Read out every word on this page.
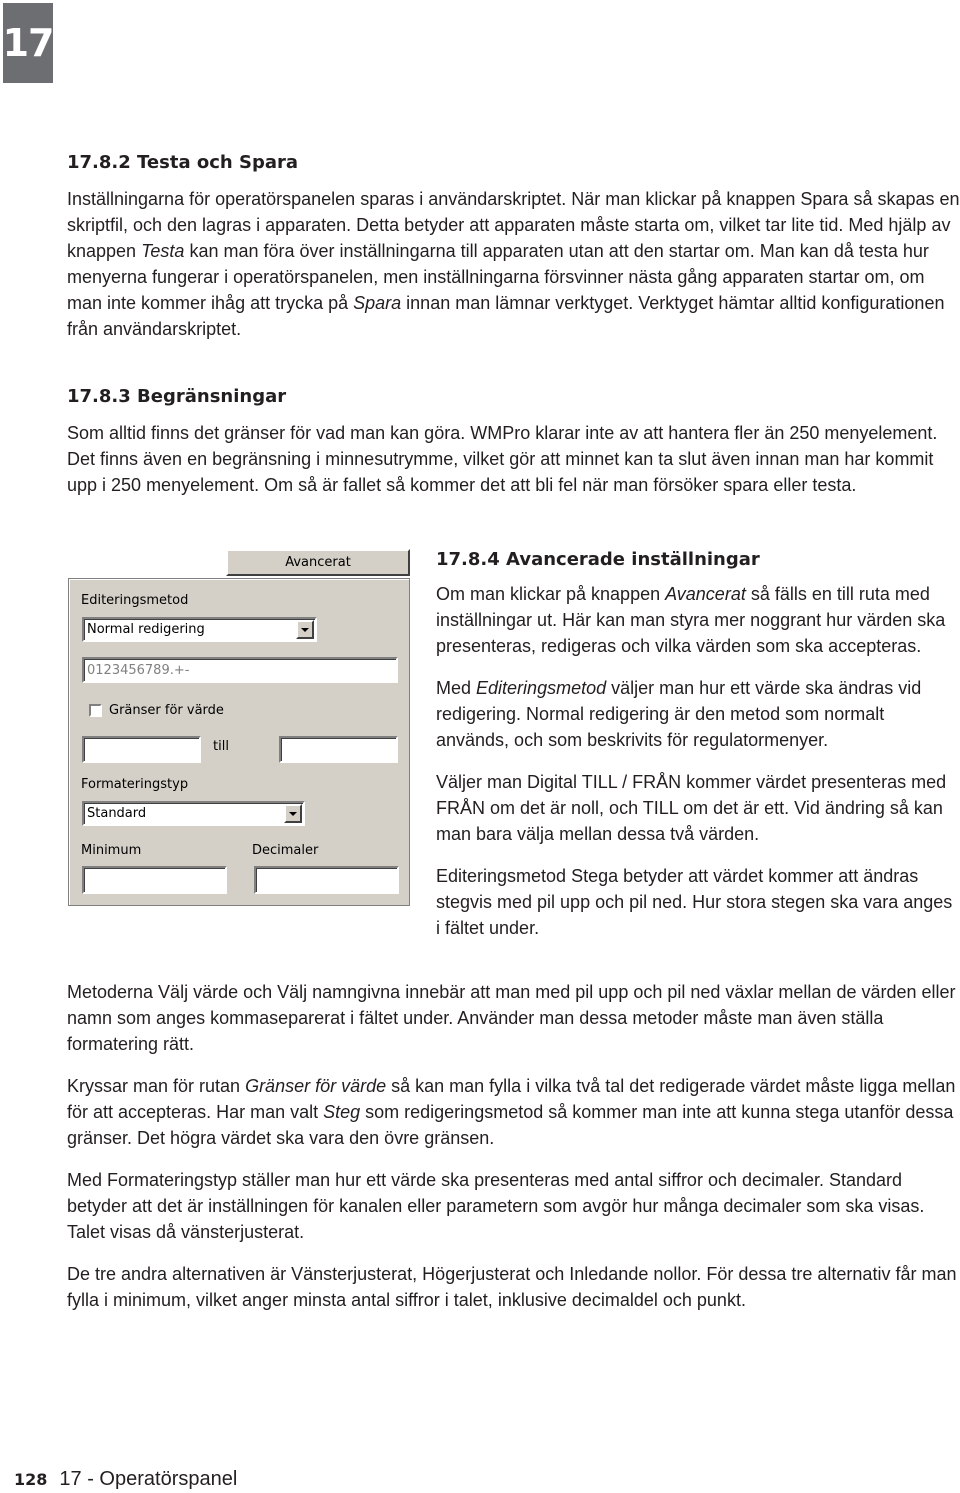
17
17.8.2 Testa och Spara

Inställningarna för operatörspanelen sparas i användarskriptet. När man klickar på knappen Spara så skapas en skriptfil, och den lagras i apparaten. Detta betyder att apparaten måste starta om, vilket tar lite tid. Med hjälp av knappen Testa kan man föra över inställningarna till apparaten utan att den startar om. Man kan då testa hur menyerna fungerar i operatörspanelen, men inställningarna försvinner nästa gång apparaten startar om, om man inte kommer ihåg att trycka på Spara innan man lämnar verktyget. Verktyget hämtar alltid konfigurationen från användarskriptet.

17.8.3 Begränsningar

Som alltid finns det gränser för vad man kan göra. WMPro klarar inte av att hantera fler än 250 menyelement. Det finns även en begränsning i minnesutrymme, vilket gör att minnet kan ta slut även innan man har kommit upp i 250 menyelement. Om så är fallet så kommer det att bli fel när man försöker spara eller testa.

Avancerat
Editeringsmetod
Normal redigering
0123456789.+-
Gränser för värde
till
Formateringstyp
Standard
Minimum	Decimaler
17.8.4 Avancerade inställningar

Om man klickar på knappen Avancerat så fälls en till ruta med inställningar ut. Här kan man styra mer noggrant hur värden ska presenteras, redigeras och vilka värden som ska accepteras.

Med Editeringsmetod väljer man hur ett värde ska ändras vid redigering. Normal redigering är den metod som normalt används, och som beskrivits för regulatormenyer.

Väljer man Digital TILL / FRÅN kommer värdet presenteras med FRÅN om det är noll, och TILL om det är ett. Vid ändring så kan man bara välja mellan dessa två värden.

Editeringsmetod Stega betyder att värdet kommer att ändras stegvis med pil upp och pil ned. Hur stora stegen ska vara anges i fältet under.

Metoderna Välj värde och Välj namngivna innebär att man med pil upp och pil ned växlar mellan de värden eller namn som anges kommaseparerat i fältet under. Använder man dessa metoder måste man även ställa formatering rätt.

Kryssar man för rutan Gränser för värde så kan man fylla i vilka två tal det redigerade värdet måste ligga mellan för att accepteras. Har man valt Steg som redigeringsmetod så kommer man inte att kunna stega utanför dessa gränser. Det högra värdet ska vara den övre gränsen.

Med Formateringstyp ställer man hur ett värde ska presenteras med antal siffror och decimaler. Standard betyder att det är inställningen för kanalen eller parametern som avgör hur många decimaler som ska visas. Talet visas då vänsterjusterat.

De tre andra alternativen är Vänsterjusterat, Högerjusterat och Inledande nollor. För dessa tre alternativ får man fylla i minimum, vilket anger minsta antal siffror i talet, inklusive decimaldel och punkt.

128 17 - Operatörspanel
